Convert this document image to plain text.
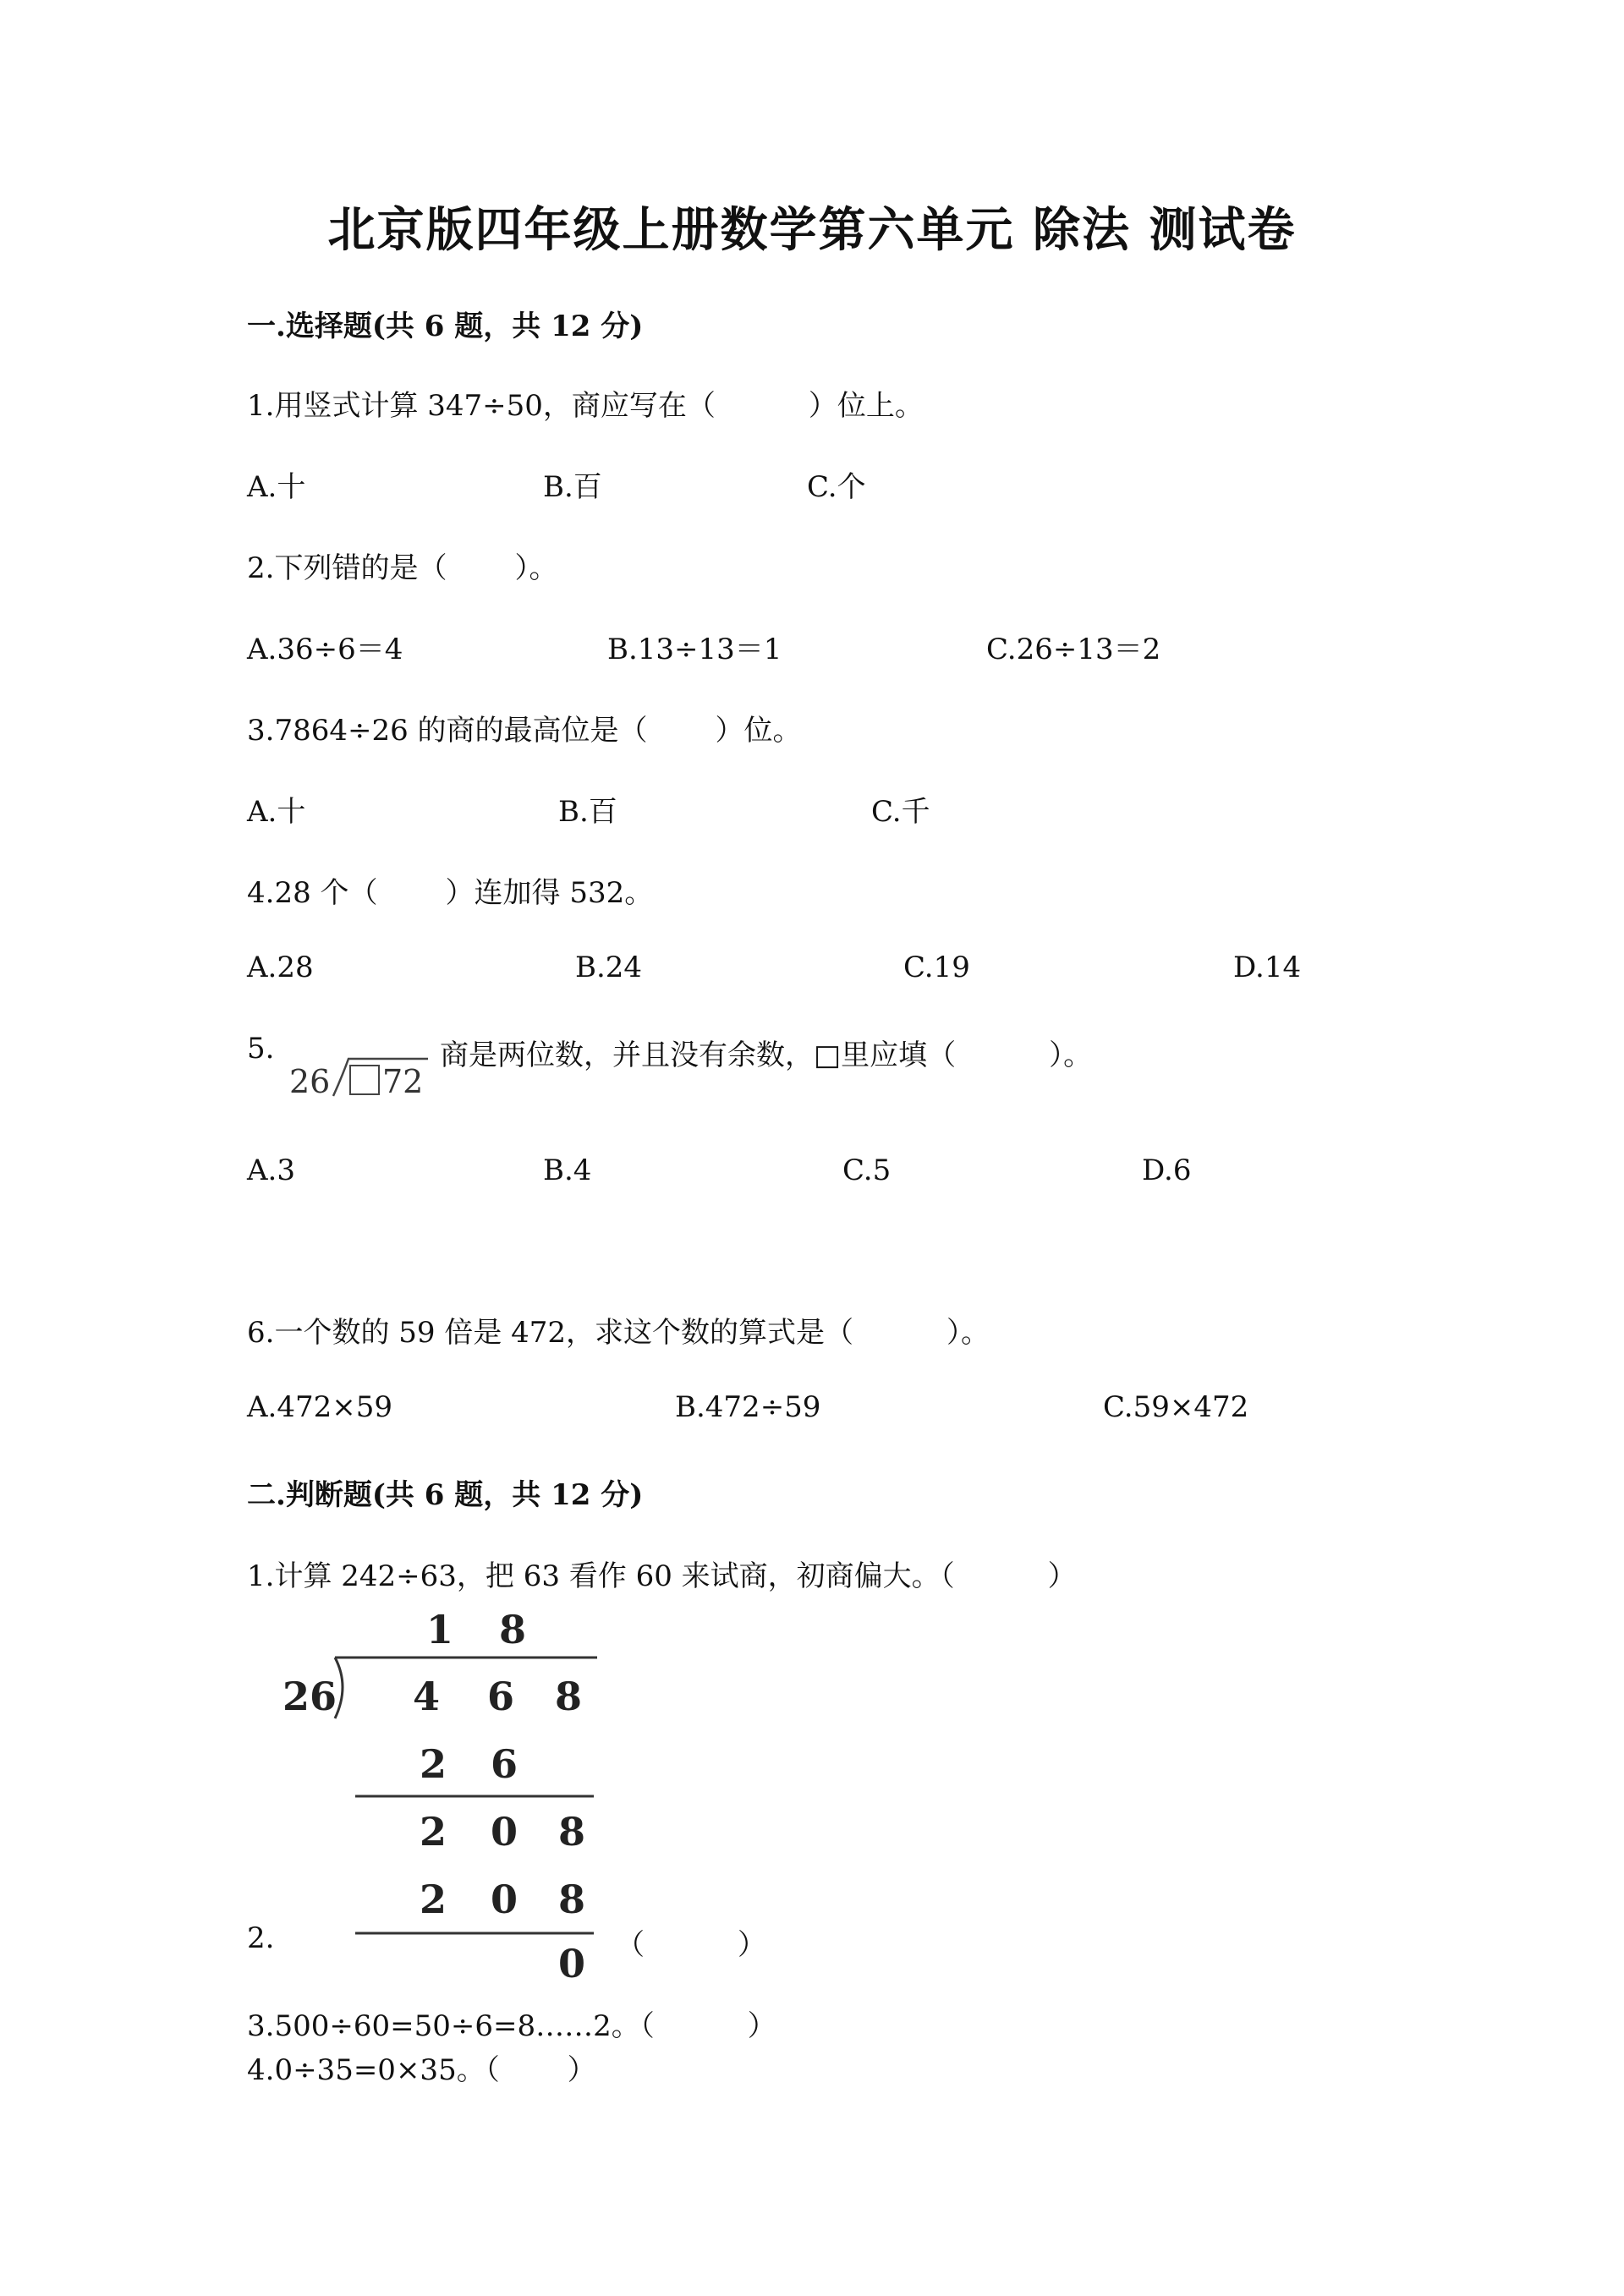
北京版四年级上册数学第六单元 除法 测试卷
一.选择题(共 6 题，共 12 分)
1.用竖式计算 347÷50，商应写在（	）位上。
A.十	B.百	C.个
2.下列错的是（ ）。
A.36÷6＝4	B.13÷13＝1	C.26÷13＝2
3.7864÷26 的商的最高位是（ ）位。
A.十	B.百	C.千
4.28 个（ ）连加得 532。
A.28	B.24	C.19	D.14
5.
26 72
商是两位数，并且没有余数，□里应填（	）。
A.3	B.4	C.5	D.6
6.一个数的 59 倍是 472，求这个数的算式是（	）。
A.472×59	B.472÷59	C.59×472
二.判断题(共 6 题，共 12 分)
1.计算 242÷63，把 63 看作 60 来试商，初商偏大。（	）
1 8
26 4 6 8
2 6
2 0 8
2 0 8
0
2.	（	）
3.500÷60=50÷6=8……2。（	）
4.0÷35=0×35。（ ）
